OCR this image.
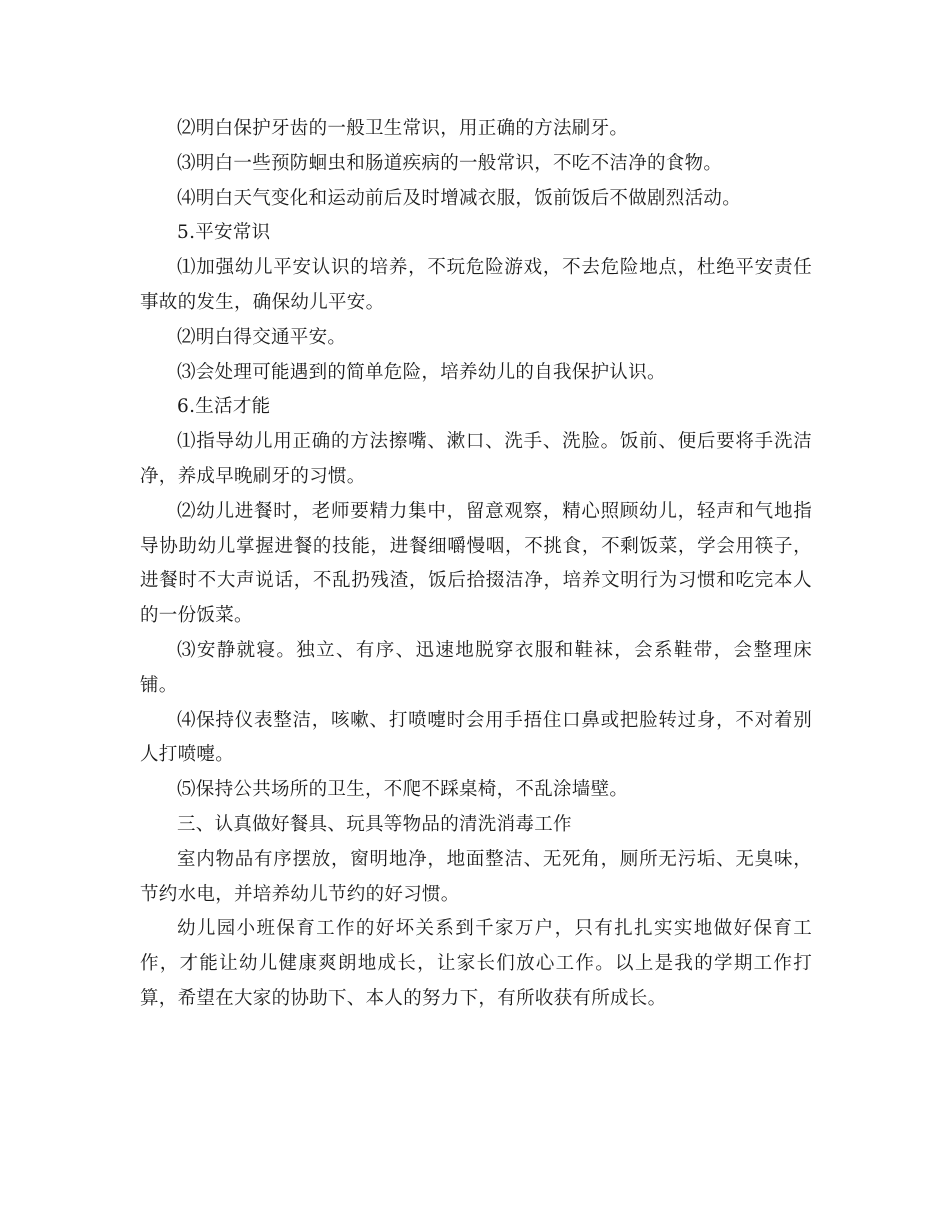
⑵明白保护牙齿的一般卫生常识，用正确的方法刷牙。

⑶明白一些预防蛔虫和肠道疾病的一般常识，不吃不洁净的食物。

⑷明白天气变化和运动前后及时增减衣服，饭前饭后不做剧烈活动。

5.平安常识

⑴加强幼儿平安认识的培养，不玩危险游戏，不去危险地点，杜绝平安责任事故的发生，确保幼儿平安。

⑵明白得交通平安。

⑶会处理可能遇到的简单危险，培养幼儿的自我保护认识。

6.生活才能

⑴指导幼儿用正确的方法擦嘴、漱口、洗手、洗脸。饭前、便后要将手洗洁净，养成早晚刷牙的习惯。

⑵幼儿进餐时，老师要精力集中，留意观察，精心照顾幼儿，轻声和气地指导协助幼儿掌握进餐的技能，进餐细嚼慢咽，不挑食，不剩饭菜，学会用筷子，进餐时不大声说话，不乱扔残渣，饭后拾掇洁净，培养文明行为习惯和吃完本人的一份饭菜。

⑶安静就寝。独立、有序、迅速地脱穿衣服和鞋袜，会系鞋带，会整理床铺。

⑷保持仪表整洁，咳嗽、打喷嚏时会用手捂住口鼻或把脸转过身，不对着别人打喷嚏。

⑸保持公共场所的卫生，不爬不踩桌椅，不乱涂墙壁。

三、认真做好餐具、玩具等物品的清洗消毒工作

室内物品有序摆放，窗明地净，地面整洁、无死角，厕所无污垢、无臭味，节约水电，并培养幼儿节约的好习惯。

幼儿园小班保育工作的好坏关系到千家万户，只有扎扎实实地做好保育工作，才能让幼儿健康爽朗地成长，让家长们放心工作。以上是我的学期工作打算，希望在大家的协助下、本人的努力下，有所收获有所成长。
